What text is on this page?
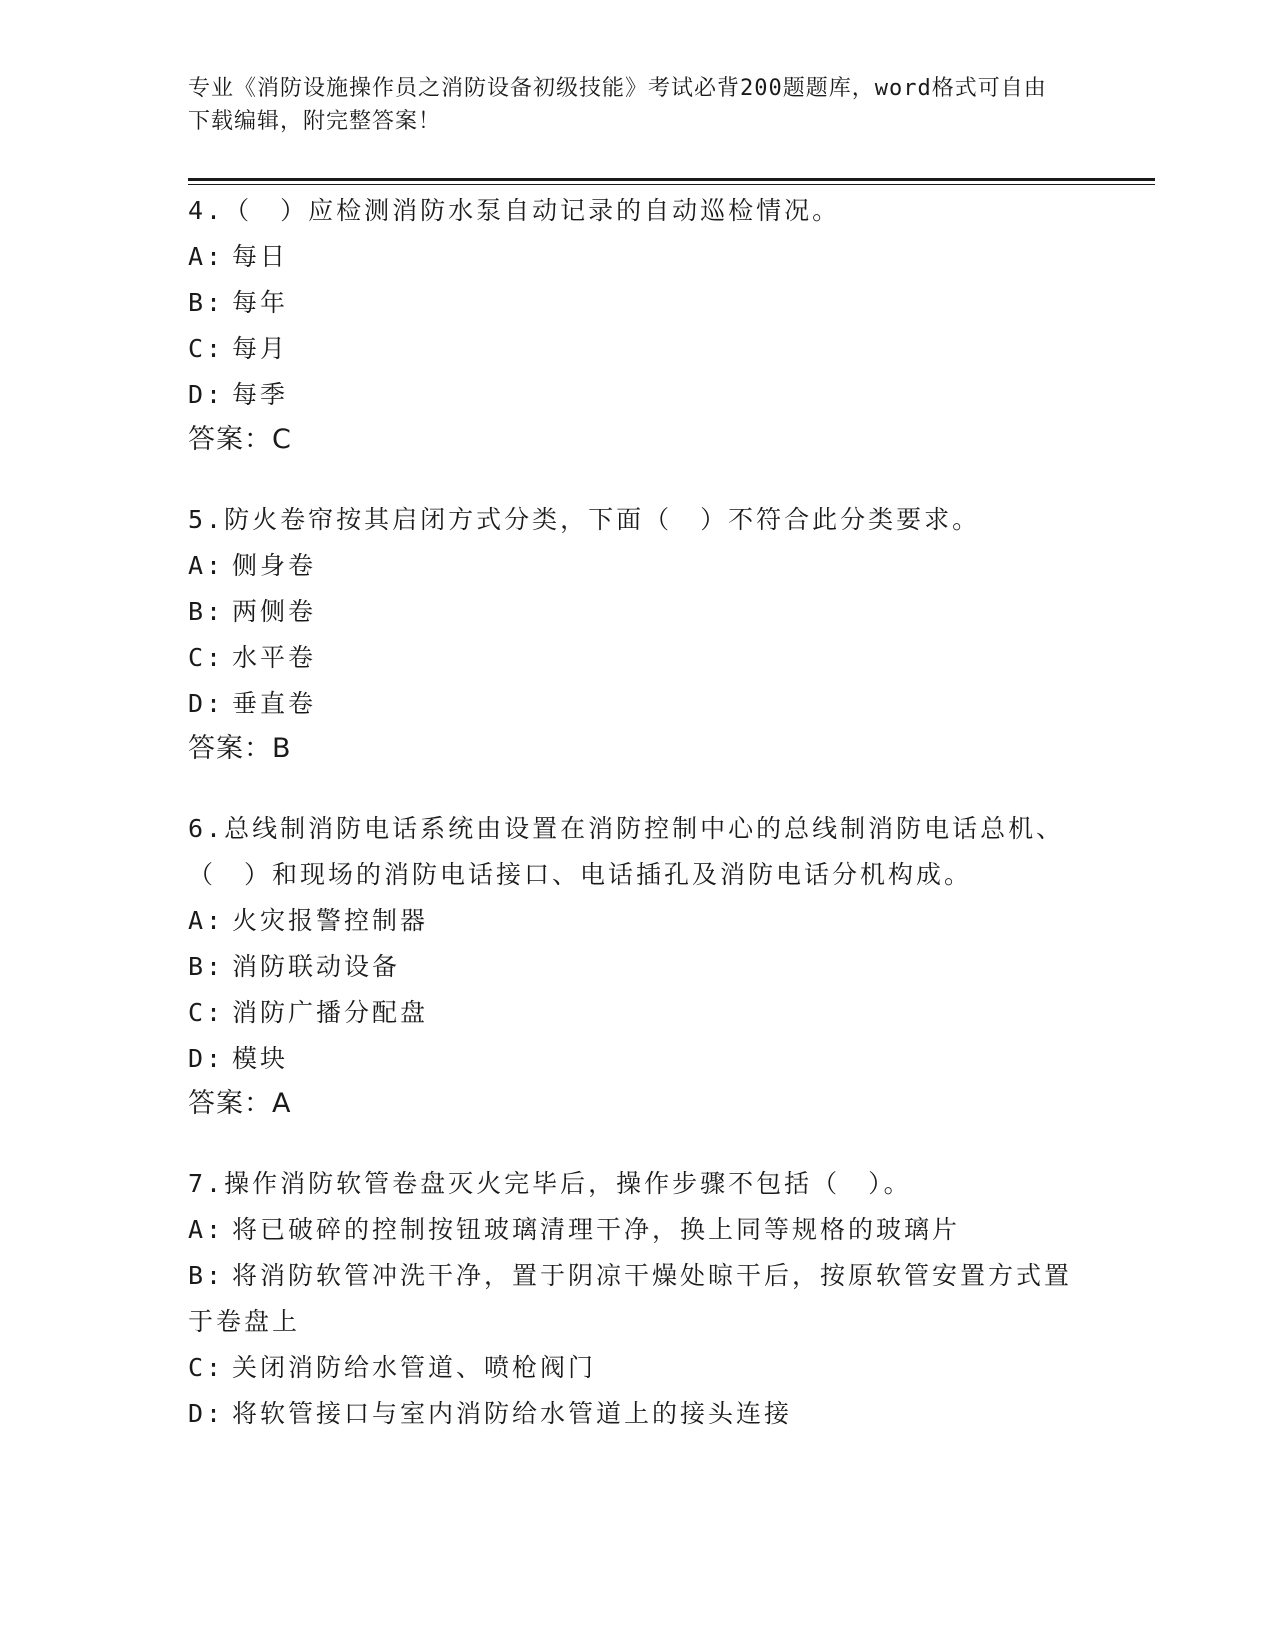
专业《消防设施操作员之消防设备初级技能》考试必背200题题库，word格式可自由下载编辑，附完整答案！
4.（　）应检测消防水泵自动记录的自动巡检情况。
A: 每日
B: 每年
C: 每月
D: 每季
答案：C
5.防火卷帘按其启闭方式分类，下面（　）不符合此分类要求。
A: 侧身卷
B: 两侧卷
C: 水平卷
D: 垂直卷
答案：B
6.总线制消防电话系统由设置在消防控制中心的总线制消防电话总机、（　）和现场的消防电话接口、电话插孔及消防电话分机构成。
A: 火灾报警控制器
B: 消防联动设备
C: 消防广播分配盘
D: 模块
答案：A
7.操作消防软管卷盘灭火完毕后，操作步骤不包括（　）。
A: 将已破碎的控制按钮玻璃清理干净，换上同等规格的玻璃片
B: 将消防软管冲洗干净，置于阴凉干燥处晾干后，按原软管安置方式置于卷盘上
C: 关闭消防给水管道、喷枪阀门
D: 将软管接口与室内消防给水管道上的接头连接
